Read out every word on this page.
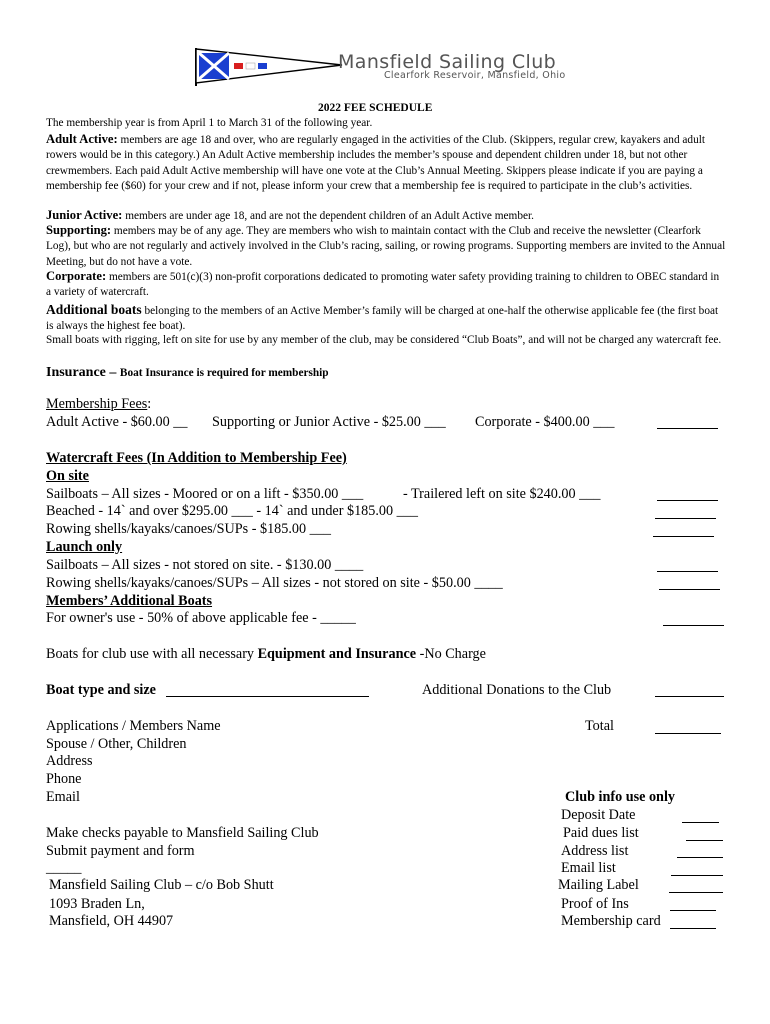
Mansfield Sailing Club
Clearfork Reservoir, Mansfield, Ohio
2022 FEE SCHEDULE
The membership year is from April 1 to March 31 of the following year.
Adult Active: members are age 18 and over, who are regularly engaged in the activities of the Club. (Skippers, regular crew, kayakers and adult rowers would be in this category.) An Adult Active membership includes the member’s spouse and dependent children under 18, but not other crewmembers. Each paid Adult Active membership will have one vote at the Club’s Annual Meeting. Skippers please indicate if you are paying a membership fee ($60) for your crew and if not, please inform your crew that a membership fee is required to participate in the club’s activities.
Junior Active: members are under age 18, and are not the dependent children of an Adult Active member.
Supporting: members may be of any age. They are members who wish to maintain contact with the Club and receive the newsletter (Clearfork Log), but who are not regularly and actively involved in the Club’s racing, sailing, or rowing programs. Supporting members are invited to the Annual Meeting, but do not have a vote.
Corporate: members are 501(c)(3) non-profit corporations dedicated to promoting water safety providing training to children to OBEC standard in a variety of watercraft.
Additional boats belonging to the members of an Active Member’s family will be charged at one-half the otherwise applicable fee (the first boat is always the highest fee boat).
Small boats with rigging, left on site for use by any member of the club, may be considered “Club Boats”, and will not be charged any watercraft fee.
Insurance – Boat Insurance is required for membership
Membership Fees:
Adult Active - $60.00 __ Supporting or Junior Active - $25.00 ___ Corporate - $400.00 ___
Watercraft Fees (In Addition to Membership Fee)
On site
Sailboats – All sizes - Moored or on a lift - $350.00 ___	- Trailered left on site $240.00 ___
Beached - 14` and over $295.00 ___ - 14` and under $185.00 ___
Rowing shells/kayaks/canoes/SUPs - $185.00 ___
Launch only
Sailboats – All sizes - not stored on site. - $130.00 ____
Rowing shells/kayaks/canoes/SUPs – All sizes - not stored on site - $50.00 ____
Members’ Additional Boats
For owner's use - 50% of above applicable fee - _____
Boats for club use with all necessary Equipment and Insurance -No Charge
Boat type and size	Additional Donations to the Club
Applications / Members Name	Total
Spouse / Other, Children
Address
Phone
Email
Make checks payable to Mansfield Sailing Club
Submit payment and form
_____
Mansfield Sailing Club – c/o Bob Shutt
1093 Braden Ln,
Mansfield, OH 44907
Club info use only
Deposit Date
Paid dues list
Address list
Email list
Mailing Label
Proof of Ins
Membership card
